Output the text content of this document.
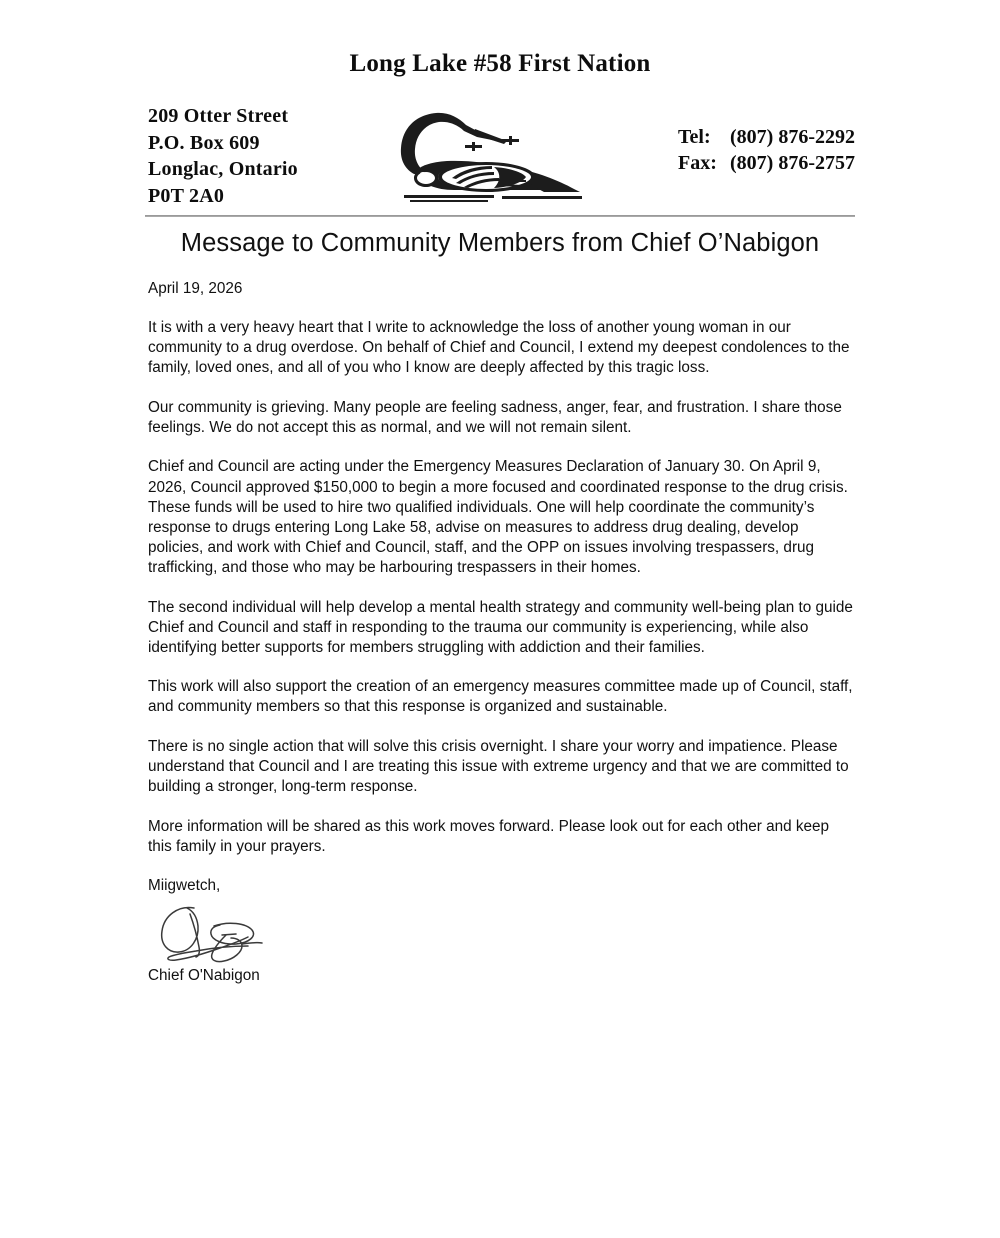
Long Lake #58 First Nation
209 Otter Street
P.O. Box 609
Longlac, Ontario
P0T 2A0
Tel: (807) 876-2292
Fax: (807) 876-2757
Message to Community Members from Chief O’Nabigon
April 19, 2026

It is with a very heavy heart that I write to acknowledge the loss of another young woman in our community to a drug overdose. On behalf of Chief and Council, I extend my deepest condolences to the family, loved ones, and all of you who I know are deeply affected by this tragic loss.

Our community is grieving. Many people are feeling sadness, anger, fear, and frustration. I share those feelings. We do not accept this as normal, and we will not remain silent.

Chief and Council are acting under the Emergency Measures Declaration of January 30. On April 9, 2026, Council approved $150,000 to begin a more focused and coordinated response to the drug crisis. These funds will be used to hire two qualified individuals. One will help coordinate the community’s response to drugs entering Long Lake 58, advise on measures to address drug dealing, develop policies, and work with Chief and Council, staff, and the OPP on issues involving trespassers, drug trafficking, and those who may be harbouring trespassers in their homes.

The second individual will help develop a mental health strategy and community well-being plan to guide Chief and Council and staff in responding to the trauma our community is experiencing, while also identifying better supports for members struggling with addiction and their families.

This work will also support the creation of an emergency measures committee made up of Council, staff, and community members so that this response is organized and sustainable.

There is no single action that will solve this crisis overnight. I share your worry and impatience. Please understand that Council and I are treating this issue with extreme urgency and that we are committed to building a stronger, long-term response.

More information will be shared as this work moves forward. Please look out for each other and keep this family in your prayers.

Miigwetch,
Chief O'Nabigon
